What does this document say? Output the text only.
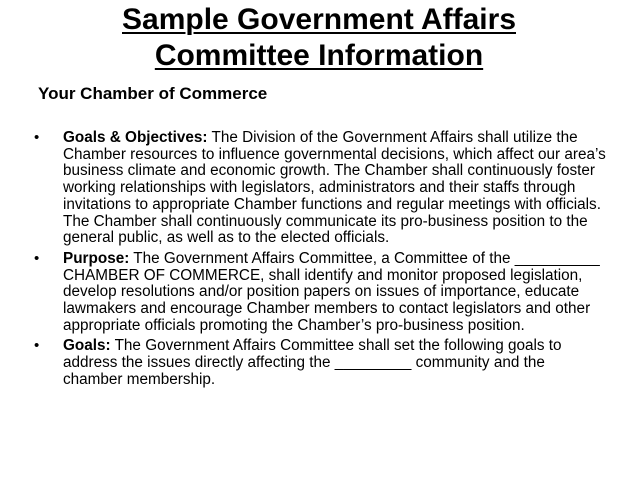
Sample Government Affairs
Committee Information
Your Chamber of Commerce
• Goals & Objectives: The Division of the Government Affairs shall utilize the Chamber resources to influence governmental decisions, which affect our area’s business climate and economic growth. The Chamber shall continuously foster working relationships with legislators, administrators and their staffs through invitations to appropriate Chamber functions and regular meetings with officials. The Chamber shall continuously communicate its pro-business position to the general public, as well as to the elected officials.
• Purpose: The Government Affairs Committee, a Committee of the __________ CHAMBER OF COMMERCE, shall identify and monitor proposed legislation, develop resolutions and/or position papers on issues of importance, educate lawmakers and encourage Chamber members to contact legislators and other appropriate officials promoting the Chamber’s pro-business position.
• Goals: The Government Affairs Committee shall set the following goals to address the issues directly affecting the _________ community and the chamber membership.
